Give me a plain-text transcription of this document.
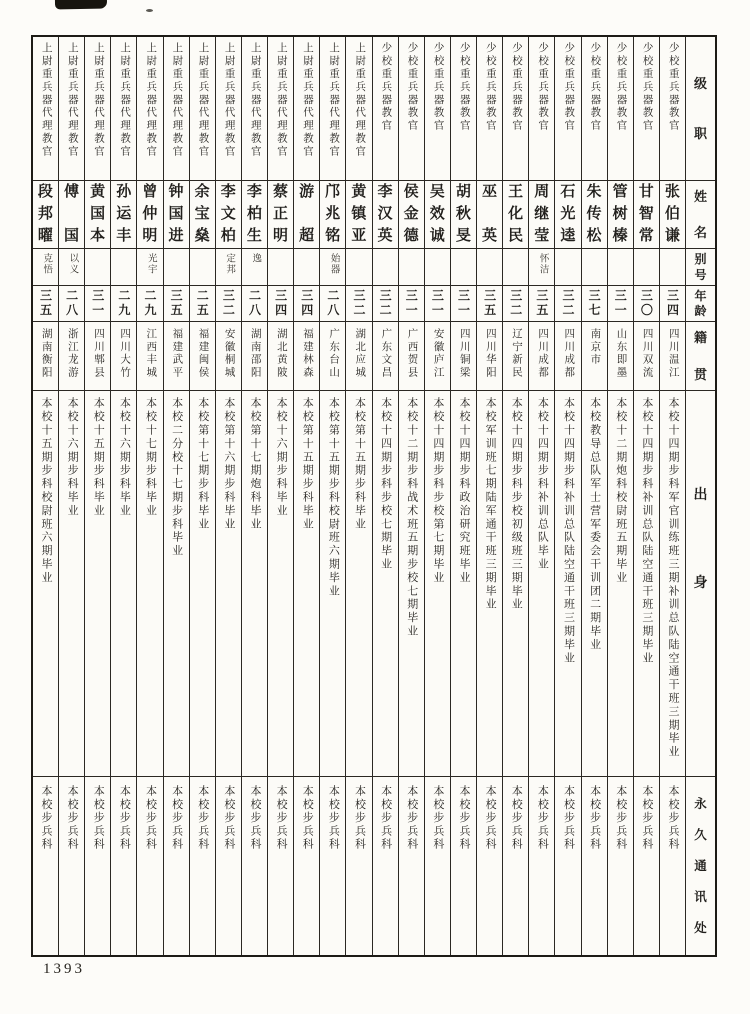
级
职
姓
名
别
号
年
龄
籍
贯
出
身
永
久
通
讯
处
少校重兵器教官
张
伯
谦
三四
四川温江
本校十四期步科军官训练班三期补训总队陆空通干班三期毕业
本校步兵科
少校重兵器教官
甘
智
常
三〇
四川双流
本校十四期步科补训总队陆空通干班三期毕业
本校步兵科
少校重兵器教官
管
树
榛
三一
山东即墨
本校十二期炮科校尉班五期毕业
本校步兵科
少校重兵器教官
朱
传
松
三七
南京市
本校教导总队军士营军委会干训团二期毕业
本校步兵科
少校重兵器教官
石
光
逵
三二
四川成都
本校十四期步科补训总队陆空通干班三期毕业
本校步兵科
少校重兵器教官
周
继
莹
怀洁
三五
四川成都
本校十四期步科补训总队毕业
本校步兵科
少校重兵器教官
王
化
民
三二
辽宁新民
本校十四期步科步校初级班三期毕业
本校步兵科
少校重兵器教官
巫
英
三五
四川华阳
本校军训班七期陆军通干班三期毕业
本校步兵科
少校重兵器教官
胡
秋
旻
三一
四川铜梁
本校十四期步科政治研究班毕业
本校步兵科
少校重兵器教官
吴
效
诚
三一
安徽庐江
本校十四期步科步校第七期毕业
本校步兵科
少校重兵器教官
侯
金
德
三一
广西贺县
本校十二期步科战术班五期步校七期毕业
本校步兵科
少校重兵器教官
李
汉
英
三二
广东文昌
本校十四期步科步校七期毕业
本校步兵科
上尉重兵器代理教官
黄
镇
亚
三二
湖北应城
本校第十五期步科毕业
本校步兵科
上尉重兵器代理教官
邝
兆
铭
始器
二八
广东台山
本校第十五期步科校尉班六期毕业
本校步兵科
上尉重兵器代理教官
游
超
三四
福建林森
本校第十五期步科毕业
本校步兵科
上尉重兵器代理教官
蔡
正
明
三四
湖北黄陂
本校十六期步科毕业
本校步兵科
上尉重兵器代理教官
李
柏
生
逸
二八
湖南邵阳
本校第十七期炮科毕业
本校步兵科
上尉重兵器代理教官
李
文
柏
定邦
三二
安徽桐城
本校第十六期步科毕业
本校步兵科
上尉重兵器代理教官
余
宝
燊
二五
福建闽侯
本校第十七期步科毕业
本校步兵科
上尉重兵器代理教官
钟
国
进
三五
福建武平
本校二分校十七期步科毕业
本校步兵科
上尉重兵器代理教官
曾
仲
明
光宇
二九
江西丰城
本校十七期步科毕业
本校步兵科
上尉重兵器代理教官
孙
运
丰
二九
四川大竹
本校十六期步科毕业
本校步兵科
上尉重兵器代理教官
黄
国
本
三一
四川郫县
本校十五期步科毕业
本校步兵科
上尉重兵器代理教官
傅
国
以义
二八
浙江龙游
本校十六期步科毕业
本校步兵科
上尉重兵器代理教官
段
邦
曜
克悟
三五
湖南衡阳
本校十五期步科校尉班六期毕业
本校步兵科
1393
